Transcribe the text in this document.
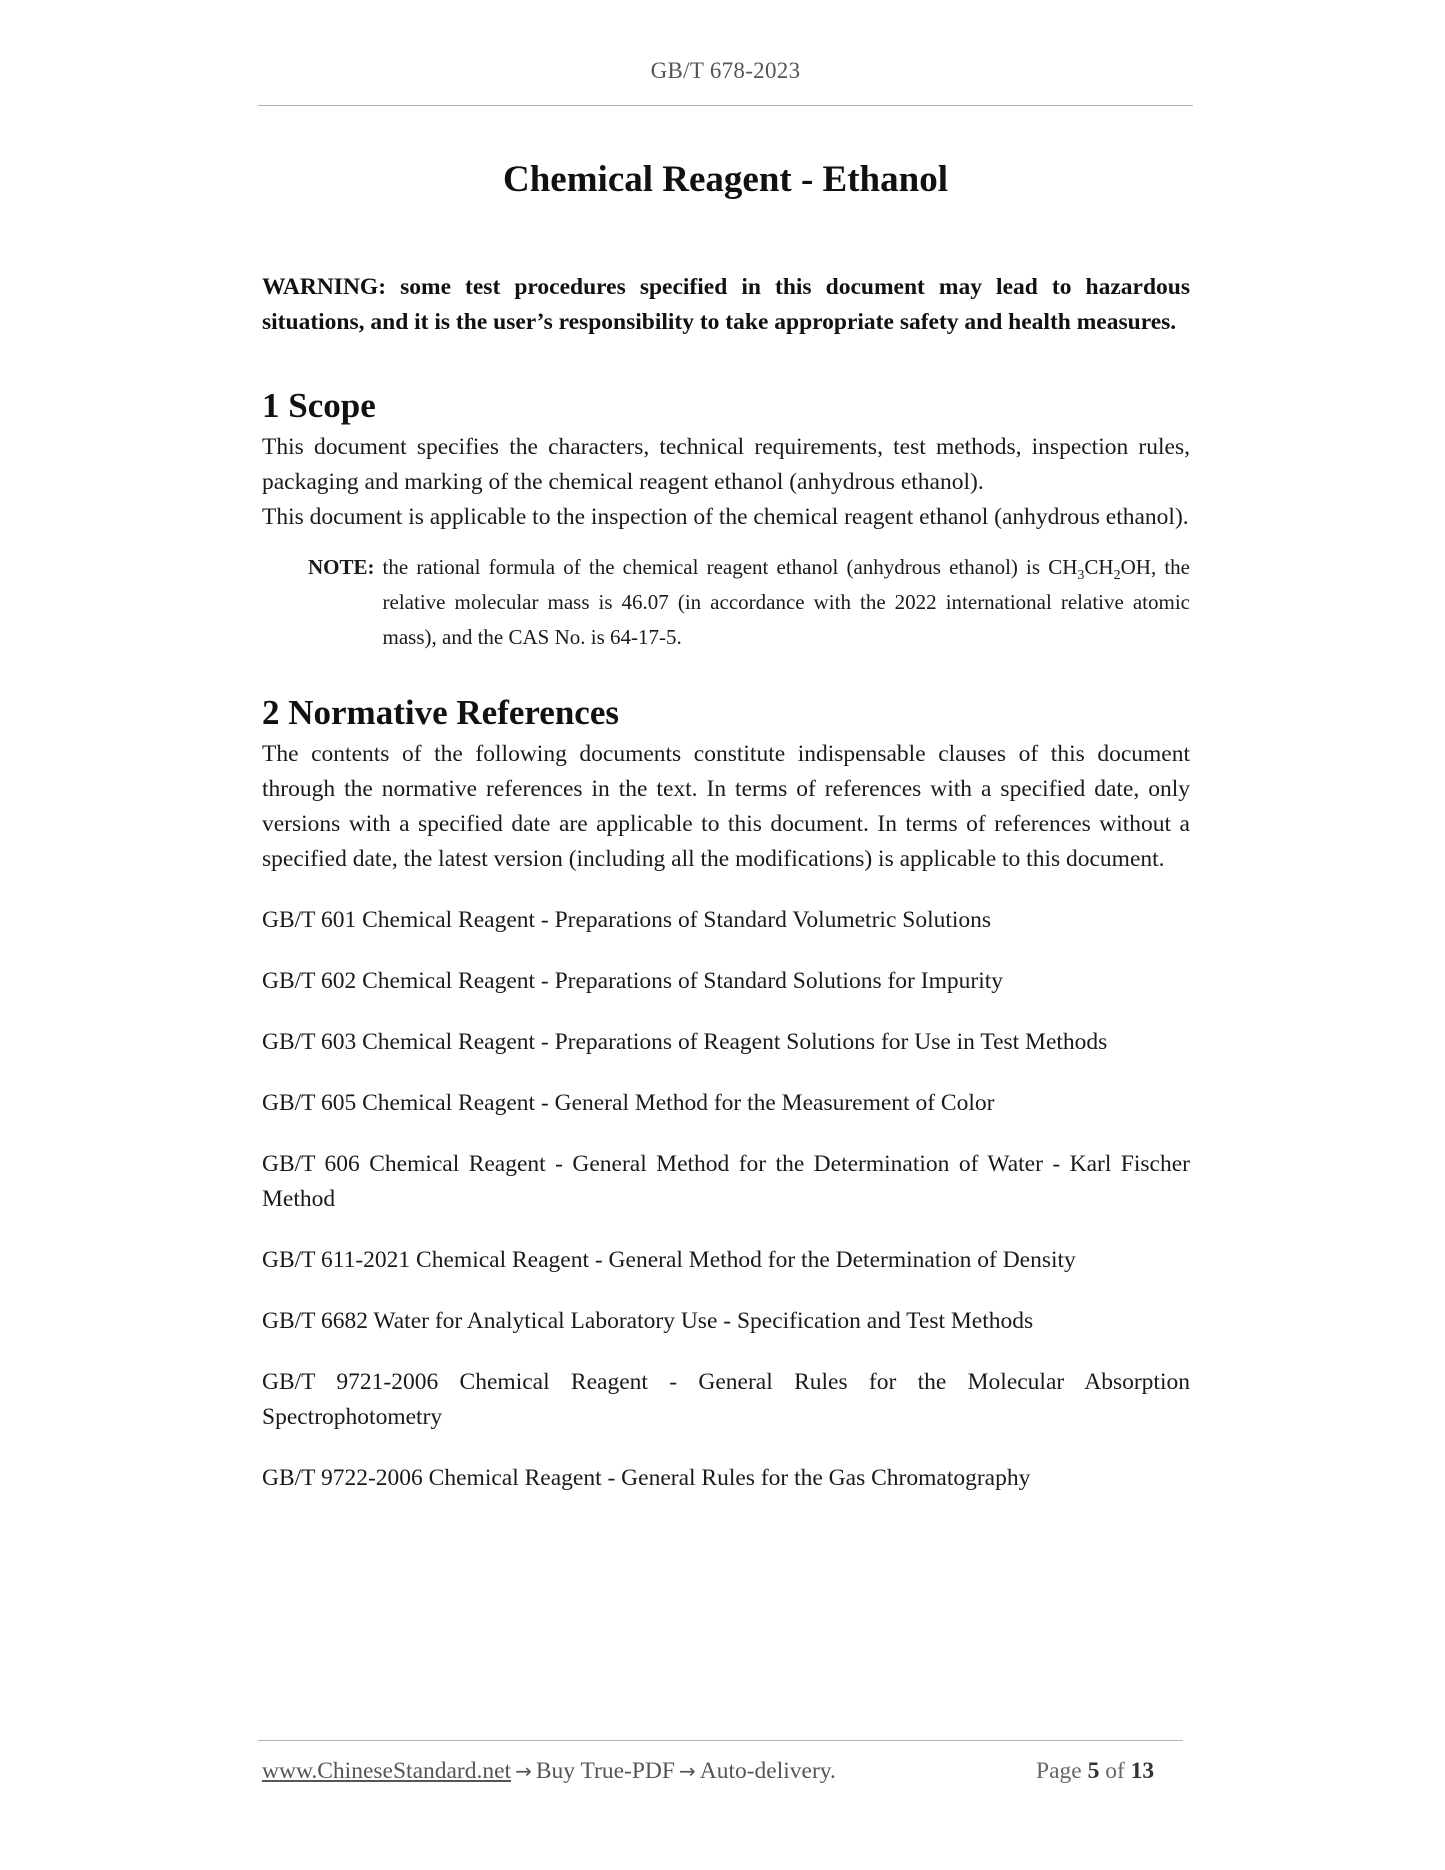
GB/T 678-2023
Chemical Reagent - Ethanol

WARNING: some test procedures specified in this document may lead to hazardous situations, and it is the user’s responsibility to take appropriate safety and health measures.

1 Scope

This document specifies the characters, technical requirements, test methods, inspection rules, packaging and marking of the chemical reagent ethanol (anhydrous ethanol).

This document is applicable to the inspection of the chemical reagent ethanol (anhydrous ethanol).

NOTE: the rational formula of the chemical reagent ethanol (anhydrous ethanol) is $CH_3CH_2OH$, the relative molecular mass is 46.07 (in accordance with the 2022 international relative atomic mass), and the CAS No. is 64-17-5.
2 Normative References

The contents of the following documents constitute indispensable clauses of this document through the normative references in the text. In terms of references with a specified date, only versions with a specified date are applicable to this document. In terms of references without a specified date, the latest version (including all the modifications) is applicable to this document.

GB/T 601 Chemical Reagent - Preparations of Standard Volumetric Solutions
GB/T 602 Chemical Reagent - Preparations of Standard Solutions for Impurity
GB/T 603 Chemical Reagent - Preparations of Reagent Solutions for Use in Test Methods
GB/T 605 Chemical Reagent - General Method for the Measurement of Color
GB/T 606 Chemical Reagent - General Method for the Determination of Water - Karl Fischer Method
GB/T 611-2021 Chemical Reagent - General Method for the Determination of Density
GB/T 6682 Water for Analytical Laboratory Use - Specification and Test Methods
GB/T 9721-2006 Chemical Reagent - General Rules for the Molecular Absorption Spectrophotometry
GB/T 9722-2006 Chemical Reagent - General Rules for the Gas Chromatography
www.ChineseStandard.net → Buy True-PDF → Auto-delivery.	Page 5 of 13
